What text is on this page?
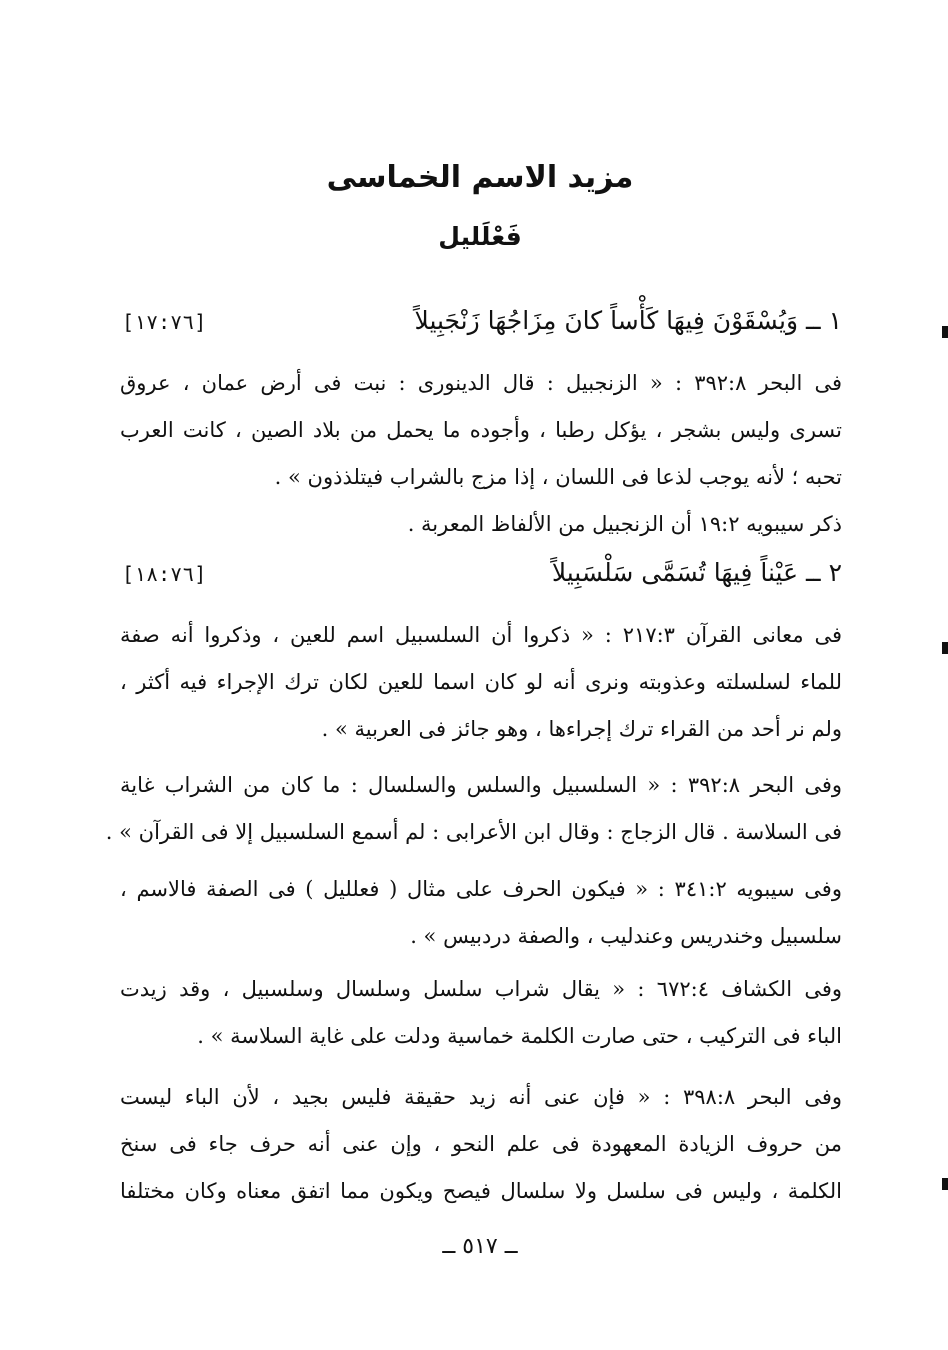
مزيد الاسم الخماسى
فَعْلَليل
١ ــ وَيُسْقَوْنَ فِيهَا كَأْساً كانَ مِزَاجُهَا زَنْجَبِيلاً
[١٧:٧٦]
فى البحر ٣٩٢:٨ : « الزنجبيل : قال الدينورى : نبت فى أرض عمان ، عروق
تسرى وليس بشجر ، يؤكل رطبا ، وأجوده ما يحمل من بلاد الصين ، كانت العرب
تحبه ؛ لأنه يوجب لذعا فى اللسان ، إذا مزج بالشراب فيتلذذون » .
ذكر سيبويه ١٩:٢ أن الزنجبيل من الألفاظ المعربة .
٢ ــ عَيْناً فِيهَا تُسَمَّى سَلْسَبِيلاً
[١٨:٧٦]
فى معانى القرآن ٢١٧:٣ : « ذكروا أن السلسبيل اسم للعين ، وذكروا أنه صفة
للماء لسلسلته وعذوبته ونرى أنه لو كان اسما للعين لكان ترك الإجراء فيه أكثر ،
ولم نر أحد من القراء ترك إجراءها ، وهو جائز فى العربية » .
وفى البحر ٣٩٢:٨ : « السلسبيل والسلس والسلسال : ما كان من الشراب غاية
فى السلاسة . قال الزجاج : وقال ابن الأعرابى : لم أسمع السلسبيل إلا فى القرآن » .
وفى سيبويه ٣٤١:٢ : « فيكون الحرف على مثال ( فعلليل ) فى الصفة فالاسم ،
سلسبيل وخندريس وعندليب ، والصفة دردبيس » .
وفى الكشاف ٦٧٢:٤ : « يقال شراب سلسل وسلسال وسلسبيل ، وقد زيدت
الباء فى التركيب ، حتى صارت الكلمة خماسية ودلت على غاية السلاسة » .
وفى البحر ٣٩٨:٨ : « فإن عنى أنه زيد حقيقة فليس بجيد ، لأن الباء ليست
من حروف الزيادة المعهودة فى علم النحو ، وإن عنى أنه حرف جاء فى سنخ
الكلمة ، وليس فى سلسل ولا سلسال فيصح ويكون مما اتفق معناه وكان مختلفا
ــ ٥١٧ ــ
